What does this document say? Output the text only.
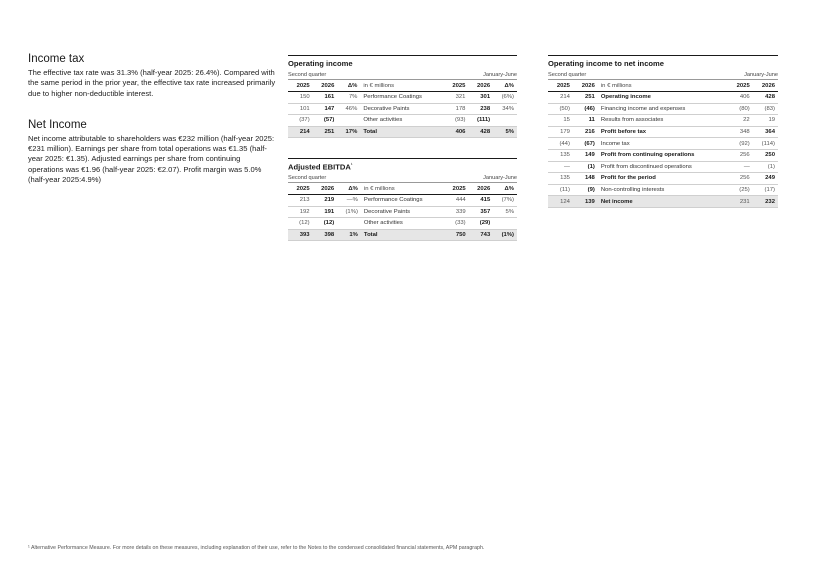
Income tax

The effective tax rate was 31.3% (half-year 2025: 26.4%). Compared with the same period in the prior year, the effective tax rate increased primarily due to higher non-deductible interest.

Net Income

Net income attributable to shareholders was €232 million (half-year 2025: €231 million). Earnings per share from total operations was €1.35 (half-year 2025: €1.35). Adjusted earnings per share from continuing operations was €1.96 (half-year 2025: €2.07). Profit margin was 5.0% (half-year 2025:4.9%)

Operating income
Second quarter	January-June
2025	2026	Δ%	in € millions	2025	2026	Δ%
150	161	7%	Performance Coatings	321	301	(6%)
101	147	46%	Decorative Paints	178	238	34%
(37)	(57)		Other activities	(93)	(111)	
214	251	17%	Total	406	428	5%
Adjusted $EBITDA^{^1}$
Second quarter	January-June
2025	2026	Δ%	in € millions	2025	2026	Δ%
213	219	—%	Performance Coatings	444	415	(7%)
192	191	(1%)	Decorative Paints	339	357	5%
(12)	(12)		Other activities	(33)	(29)	
393	398	1%	Total	750	743	(1%)
Operating income to net income
Second quarter	January-June
2025	2026	in € millions	2025	2026
214	251	Operating income	406	428
(50)	(46)	Financing income and expenses	(80)	(83)
15	11	Results from associates	22	19
179	216	Profit before tax	348	364
(44)	(67)	Income tax	(92)	(114)
135	149	Profit from continuing operations	256	250
—	(1)	Profit from discontinued operations	—	(1)
135	148	Profit for the period	256	249
(11)	(9)	Non-controlling interests	(25)	(17)
124	139	Net income	231	232
¹ Alternative Performance Measure. For more details on these measures, including explanation of their use, refer to the Notes to the condensed consolidated financial statements, APM paragraph.
